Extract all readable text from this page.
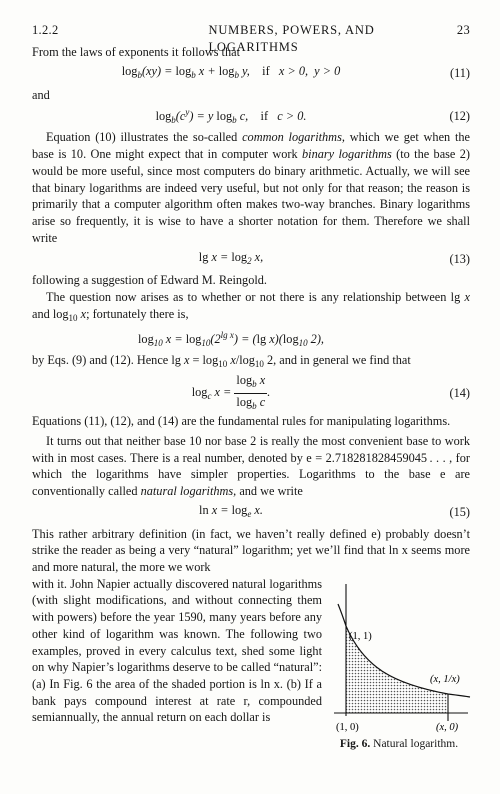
1.2.2	NUMBERS, POWERS, AND LOGARITHMS
23

From the laws of exponents it follows that

$\log_b(xy) = \log_b x + \log_b y$,    if   x > 0,  y > 0	(11)

and

$\log_b(c^y) = y$ $\log_b c$,    if   c > 0.	(12)

Equation (10) illustrates the so-called common logarithms, which we get when the base is 10. One might expect that in computer work binary logarithms (to the base 2) would be more useful, since most computers do binary arithmetic. Actually, we will see that binary logarithms are indeed very useful, but not only for that reason; the reason is primarily that a computer algorithm often makes two-way branches. Binary logarithms arise so frequently, it is wise to have a shorter notation for them. Therefore we shall write

$\lg x = \log_2 x$,	(13)

following a suggestion of Edward M. Reingold.

The question now arises as to whether or not there is any relationship between lg x and $\log_{10} x$; fortunately there is,

$\log_{10} x = \log_{10}(2^{lg x}) = (\lg$ $x)(\log_{10}$ 2),

by Eqs. (9) and (12). Hence $\lg x = \log_{10} x/\log_{10}$ 2, and in general we find that

$\log_c x = \frac{\log_b x}{\log_b c}$ .	(14)

Equations (11), (12), and (14) are the fundamental rules for manipulating logarithms.

It turns out that neither base 10 nor base 2 is really the most convenient base to work with in most cases. There is a real number, denoted by e = 2.718281828459045 . . . , for which the logarithms have simpler properties. Logarithms to the base e are conventionally called natural logarithms, and we write

$\ln x = \log_e x$.	(15)

This rather arbitrary definition (in fact, we haven’t really defined e) probably doesn’t strike the reader as being a very “natural” logarithm; yet we’ll find that ln x seems more and more natural, the more we work

with it. John Napier actually discovered natural logarithms (with slight modifications, and without connecting them with powers) before the year 1590, many years before any other kind of logarithm was known. The following two examples, proved in every calculus text, shed some light on why Napier’s logarithms deserve to be called “natural”: (a) In Fig. 6 the area of the shaded portion is ln x. (b) If a bank pays compound interest at rate r, compounded semiannually, the annual return on each dollar is

(1, 1)
(x, 1/x)
(1, 0)	(x, 0)
Fig. 6. Natural logarithm.
